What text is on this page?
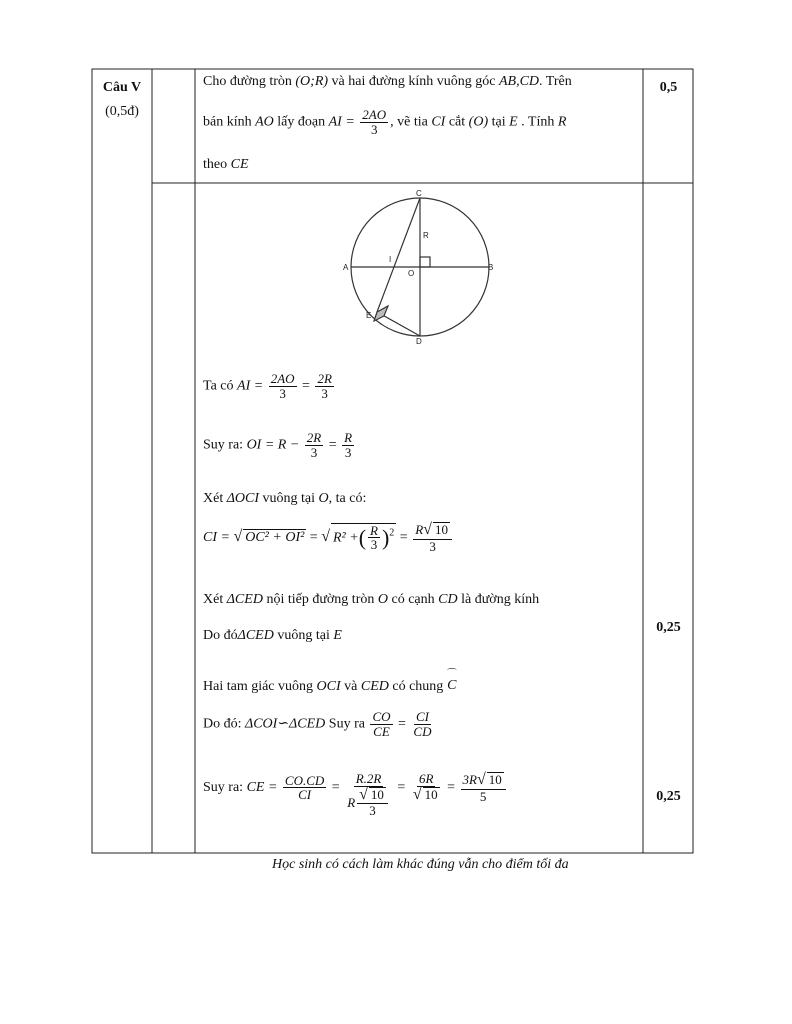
Câu V
(0,5đ)
0,5
0,25
0,25
Cho đường tròn (O;R) và hai đường kính vuông góc AB,CD. Trên
bán kính AO lấy đoạn AI = $\frac{2AO}{3}$ , vẽ tia CI cắt (O) tại E . Tính R
theo CE
C
A	B
D
E
O
I
R
Ta có AI = $\frac{2AO}{3} = \frac{2R}{3}$
Suy ra: OI = $R - \frac{2R}{3} = \frac{R}{3}$
Xét ΔOCI vuông tại O, ta có:
CI = √ OC² + OI² = √ R² +( $\frac{R}{3} )^2 = \frac{R√ 10}{3}$
Xét ΔCED nội tiếp đường tròn O có cạnh CD là đường kính
Do đóΔCED vuông tại E
Hai tam giác vuông OCI và CED có chung
⌒
C
Do đó: ΔCOI∽ΔCED Suy ra $\frac{CO}{CE} = \frac{CI}{CD}$
Suy ra: CE = $\frac{CO.CD}{CI} = \frac{R.2R}{R \frac{√ 10}{3}} = \frac{6R}{√ 10} = \frac{3R√ 10}{5}$
Học sinh có cách làm khác đúng vẫn cho điểm tối đa
